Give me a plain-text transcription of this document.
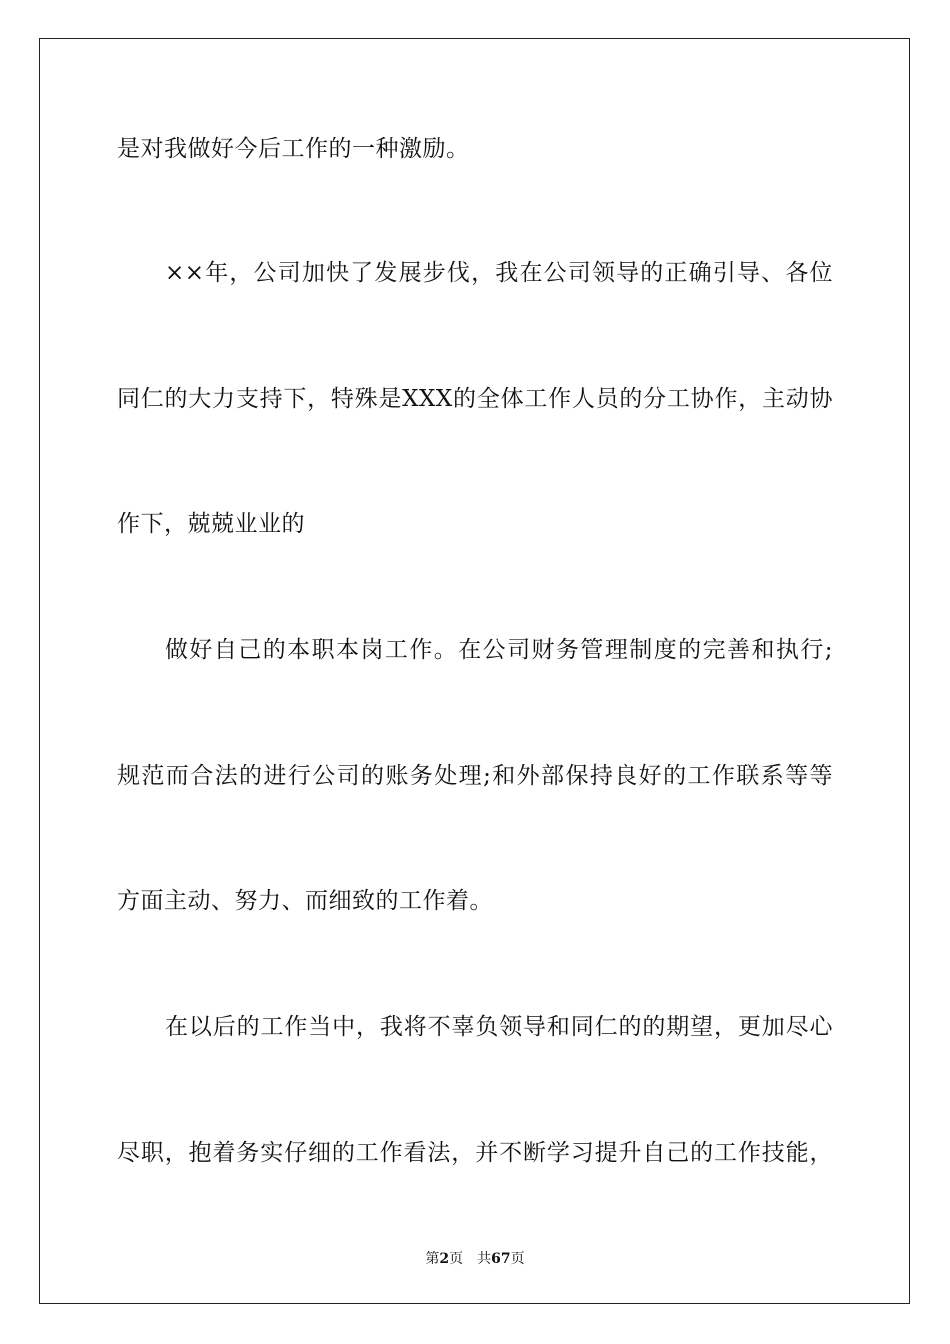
是对我做好今后工作的一种激励。
××年，公司加快了发展步伐，我在公司领导的正确引导、各位
同仁的大力支持下，特殊是XXX的全体工作人员的分工协作，主动协
作下，兢兢业业的
做好自己的本职本岗工作。在公司财务管理制度的完善和执行;
规范而合法的进行公司的账务处理;和外部保持良好的工作联系等等
方面主动、努力、而细致的工作着。
在以后的工作当中，我将不辜负领导和同仁的的期望，更加尽心
尽职，抱着务实仔细的工作看法，并不断学习提升自己的工作技能，
第2页 共67页
